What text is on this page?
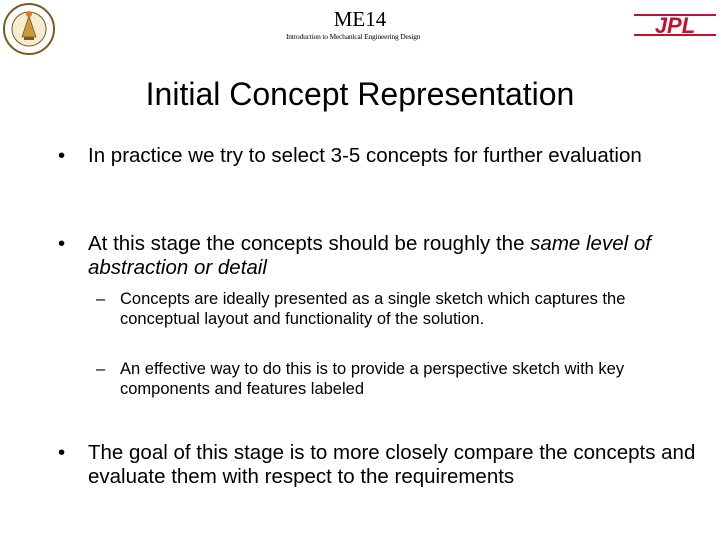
JPL
ME14
Introduction to Mechanical Engineering Design
Initial Concept Representation
• In practice we try to select 3-5 concepts for further evaluation
• At this stage the concepts should be roughly the same level of abstraction or detail
– Concepts are ideally presented as a single sketch which captures the conceptual layout and functionality of the solution.
– An effective way to do this is to provide a perspective sketch with key components and features labeled
• The goal of this stage is to more closely compare the concepts and evaluate them with respect to the requirements
